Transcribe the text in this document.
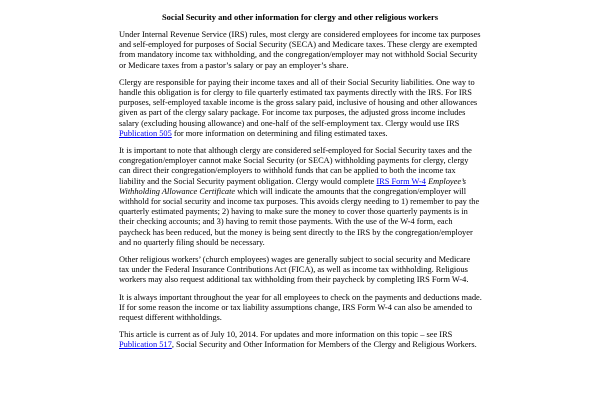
Social Security and other information for clergy and other religious workers

Under Internal Revenue Service (IRS) rules, most clergy are considered employees for income tax purposes and self-employed for purposes of Social Security (SECA) and Medicare taxes. These clergy are exempted from mandatory income tax withholding, and the congregation/employer may not withhold Social Security or Medicare taxes from a pastor’s salary or pay an employer’s share.

Clergy are responsible for paying their income taxes and all of their Social Security liabilities. One way to handle this obligation is for clergy to file quarterly estimated tax payments directly with the IRS. For IRS purposes, self-employed taxable income is the gross salary paid, inclusive of housing and other allowances given as part of the clergy salary package. For income tax purposes, the adjusted gross income includes salary (excluding housing allowance) and one-half of the self-employment tax. Clergy would use IRS Publication 505 for more information on determining and filing estimated taxes.

It is important to note that although clergy are considered self-employed for Social Security taxes and the congregation/employer cannot make Social Security (or SECA) withholding payments for clergy, clergy can direct their congregation/employers to withhold funds that can be applied to both the income tax liability and the Social Security payment obligation. Clergy would complete IRS Form W-4 Employee’s Withholding Allowance Certificate which will indicate the amounts that the congregation/employer will withhold for social security and income tax purposes. This avoids clergy needing to 1) remember to pay the quarterly estimated payments; 2) having to make sure the money to cover those quarterly payments is in their checking accounts; and 3) having to remit those payments. With the use of the W-4 form, each paycheck has been reduced, but the money is being sent directly to the IRS by the congregation/employer and no quarterly filing should be necessary.

Other religious workers’ (church employees) wages are generally subject to social security and Medicare tax under the Federal Insurance Contributions Act (FICA), as well as income tax withholding. Religious workers may also request additional tax withholding from their paycheck by completing IRS Form W-4.

It is always important throughout the year for all employees to check on the payments and deductions made. If for some reason the income or tax liability assumptions change, IRS Form W-4 can also be amended to request different withholdings.

This article is current as of July 10, 2014. For updates and more information on this topic – see IRS Publication 517, Social Security and Other Information for Members of the Clergy and Religious Workers.
